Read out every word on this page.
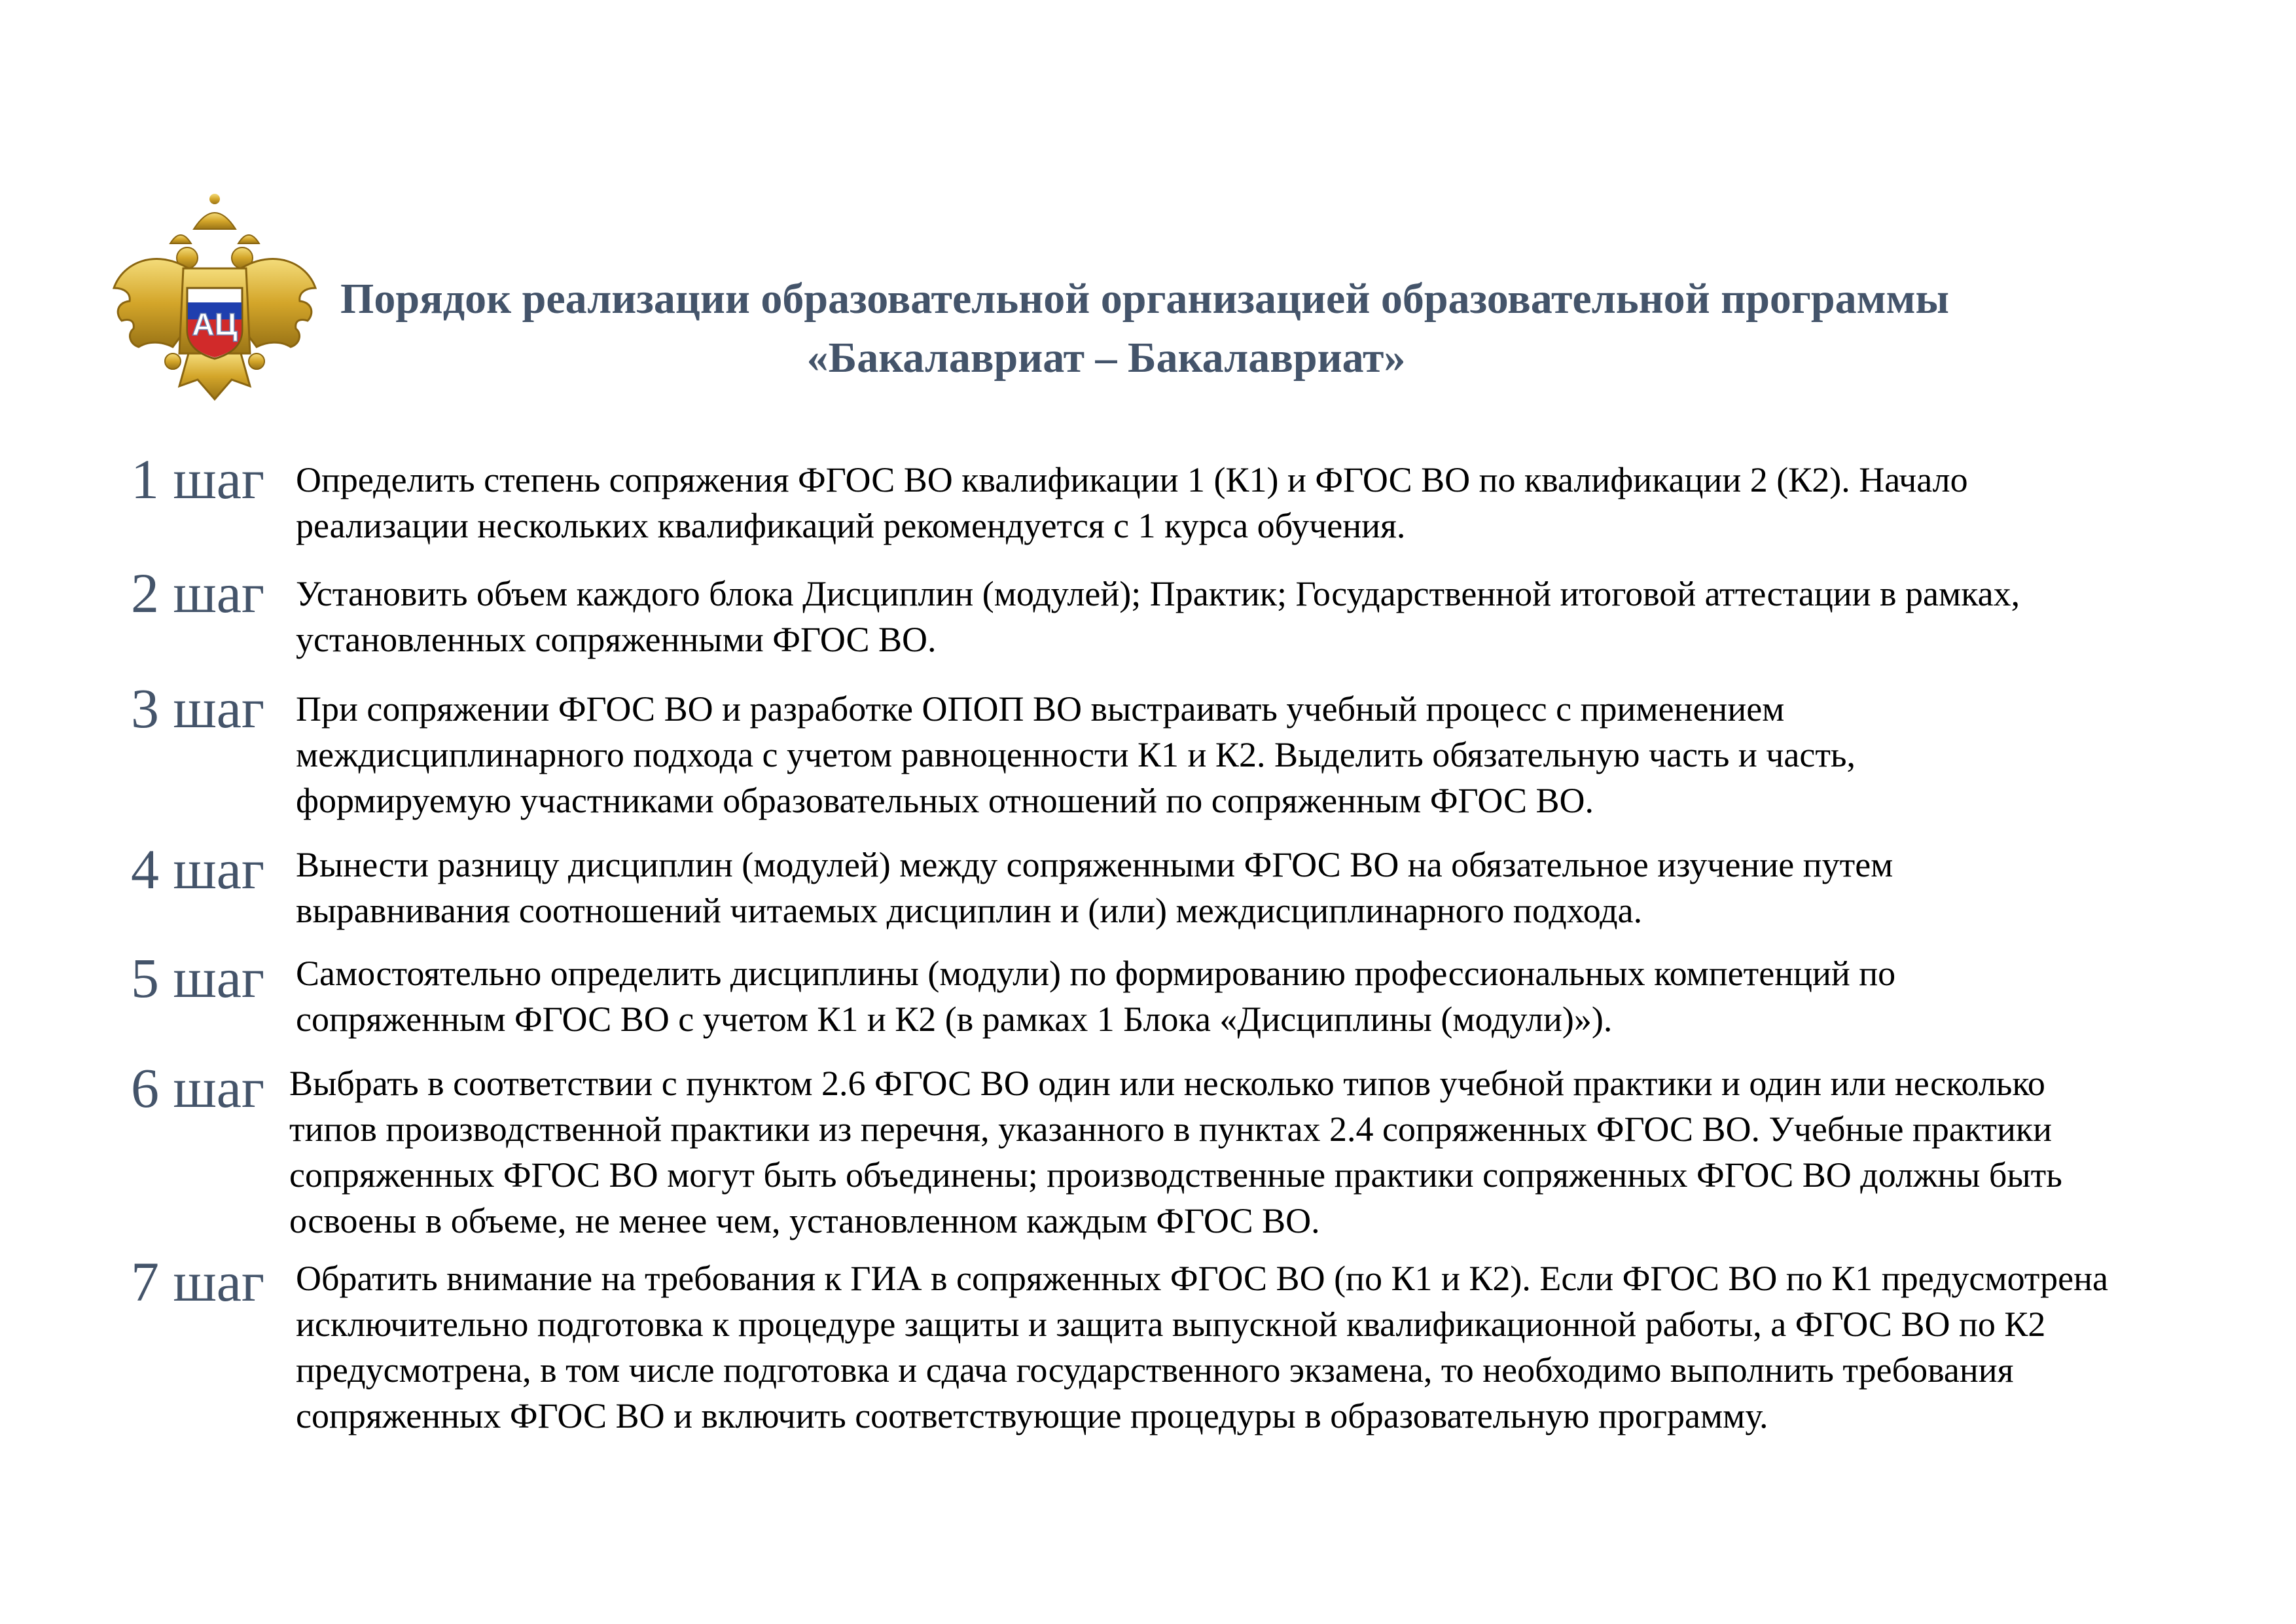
АЦ
Порядок реализации образовательной организацией образовательной программы
«Бакалавриат – Бакалавриат»
1 шаг Определить степень сопряжения ФГОС ВО квалификации 1 (К1) и ФГОС ВО по квалификации 2 (К2). Начало
реализации нескольких квалификаций рекомендуется с 1 курса обучения.
2 шаг Установить объем каждого блока Дисциплин (модулей); Практик; Государственной итоговой аттестации в рамках,
установленных сопряженными ФГОС ВО.
3 шаг При сопряжении ФГОС ВО и разработке ОПОП ВО выстраивать учебный процесс с применением
междисциплинарного подхода с учетом равноценности К1 и К2. Выделить обязательную часть и часть,
формируемую участниками образовательных отношений по сопряженным ФГОС ВО.
4 шаг Вынести разницу дисциплин (модулей) между сопряженными ФГОС ВО на обязательное изучение путем
выравнивания соотношений читаемых дисциплин и (или) междисциплинарного подхода.
5 шаг Самостоятельно определить дисциплины (модули) по формированию профессиональных компетенций по
сопряженным ФГОС ВО с учетом К1 и К2 (в рамках 1 Блока «Дисциплины (модули)»).
6 шаг Выбрать в соответствии с пунктом 2.6 ФГОС ВО один или несколько типов учебной практики и один или несколько
типов производственной практики из перечня, указанного в пунктах 2.4 сопряженных ФГОС ВО. Учебные практики
сопряженных ФГОС ВО могут быть объединены; производственные практики сопряженных ФГОС ВО должны быть
освоены в объеме, не менее чем, установленном каждым ФГОС ВО.
7 шаг Обратить внимание на требования к ГИА в сопряженных ФГОС ВО (по К1 и К2). Если ФГОС ВО по К1 предусмотрена
исключительно подготовка к процедуре защиты и защита выпускной квалификационной работы, а ФГОС ВО по К2
предусмотрена, в том числе подготовка и сдача государственного экзамена, то необходимо выполнить требования
сопряженных ФГОС ВО и включить соответствующие процедуры в образовательную программу.
